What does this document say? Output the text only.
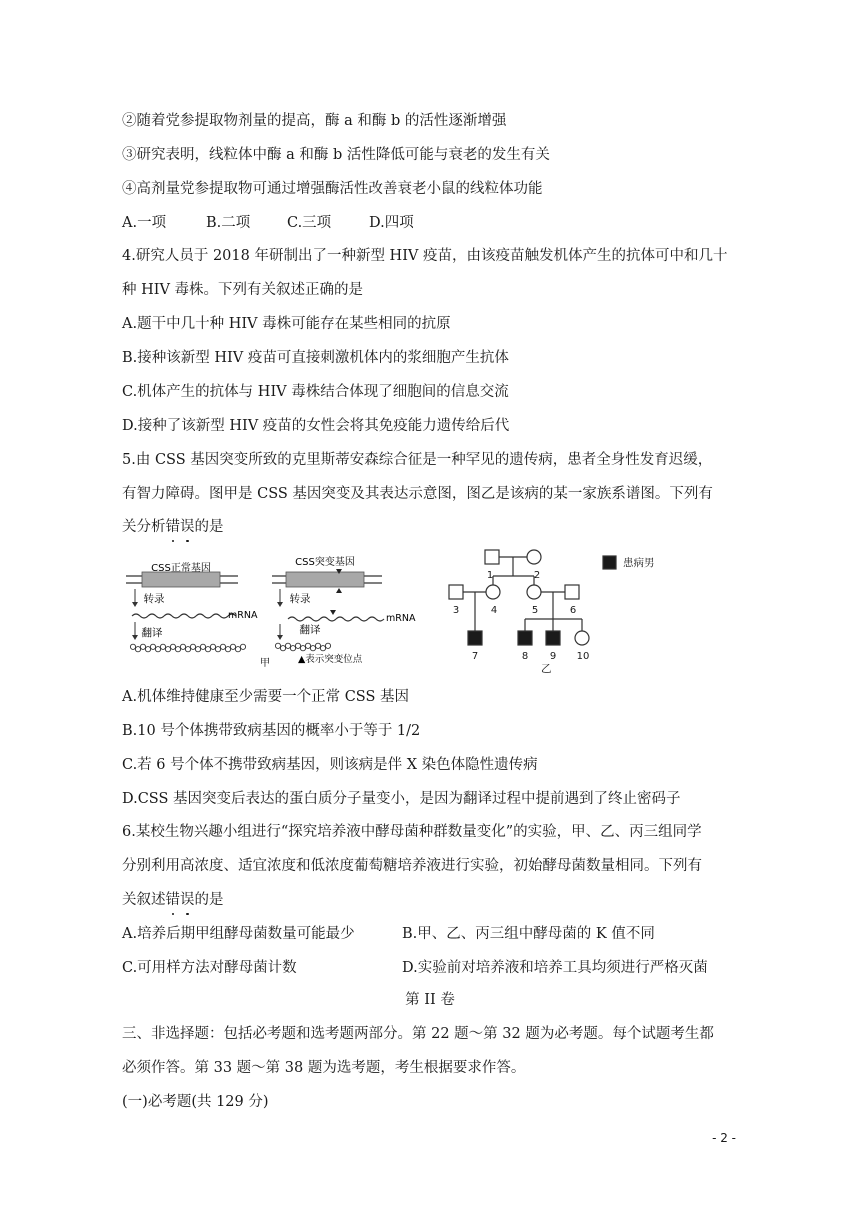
②随着党参提取物剂量的提高，酶 a 和酶 b 的活性逐渐增强
③研究表明，线粒体中酶 a 和酶 b 活性降低可能与衰老的发生有关
④高剂量党参提取物可通过增强酶活性改善衰老小鼠的线粒体功能
A.一项	B.二项	C.三项	D.四项
4.研究人员于 2018 年研制出了一种新型 HIV 疫苗，由该疫苗触发机体产生的抗体可中和几十
种 HIV 毒株。下列有关叙述正确的是
A.题干中几十种 HIV 毒株可能存在某些相同的抗原
B.接种该新型 HIV 疫苗可直接刺激机体内的浆细胞产生抗体
C.机体产生的抗体与 HIV 毒株结合体现了细胞间的信息交流
D.接种了该新型 HIV 疫苗的女性会将其免疫能力遗传给后代
5.由 CSS 基因突变所致的克里斯蒂安森综合征是一种罕见的遗传病，患者全身性发育迟缓，
有智力障碍。图甲是 CSS 基因突变及其表达示意图，图乙是该病的某一家族系谱图。下列有
关分析错误的是
CSS正常基因
转录
mRNA
翻译
CSS突变基因
转录
mRNA
翻译
▲表示突变位点
甲
1	2
3	4	5	6
7	8 9 10
乙
患病男
A.机体维持健康至少需要一个正常 CSS 基因
B.10 号个体携带致病基因的概率小于等于 1/2
C.若 6 号个体不携带致病基因，则该病是伴 X 染色体隐性遗传病
D.CSS 基因突变后表达的蛋白质分子量变小，是因为翻译过程中提前遇到了终止密码子
6.某校生物兴趣小组进行“探究培养液中酵母菌种群数量变化”的实验，甲、乙、丙三组同学
分别利用高浓度、适宜浓度和低浓度葡萄糖培养液进行实验，初始酵母菌数量相同。下列有
关叙述错误的是
A.培养后期甲组酵母菌数量可能最少	B.甲、乙、丙三组中酵母菌的 K 值不同
C.可用样方法对酵母菌计数	D.实验前对培养液和培养工具均须进行严格灭菌
第 II 卷
三、非选择题：包括必考题和选考题两部分。第 22 题～第 32 题为必考题。每个试题考生都
必须作答。第 33 题～第 38 题为选考题，考生根据要求作答。
(一)必考题(共 129 分)
- 2 -
